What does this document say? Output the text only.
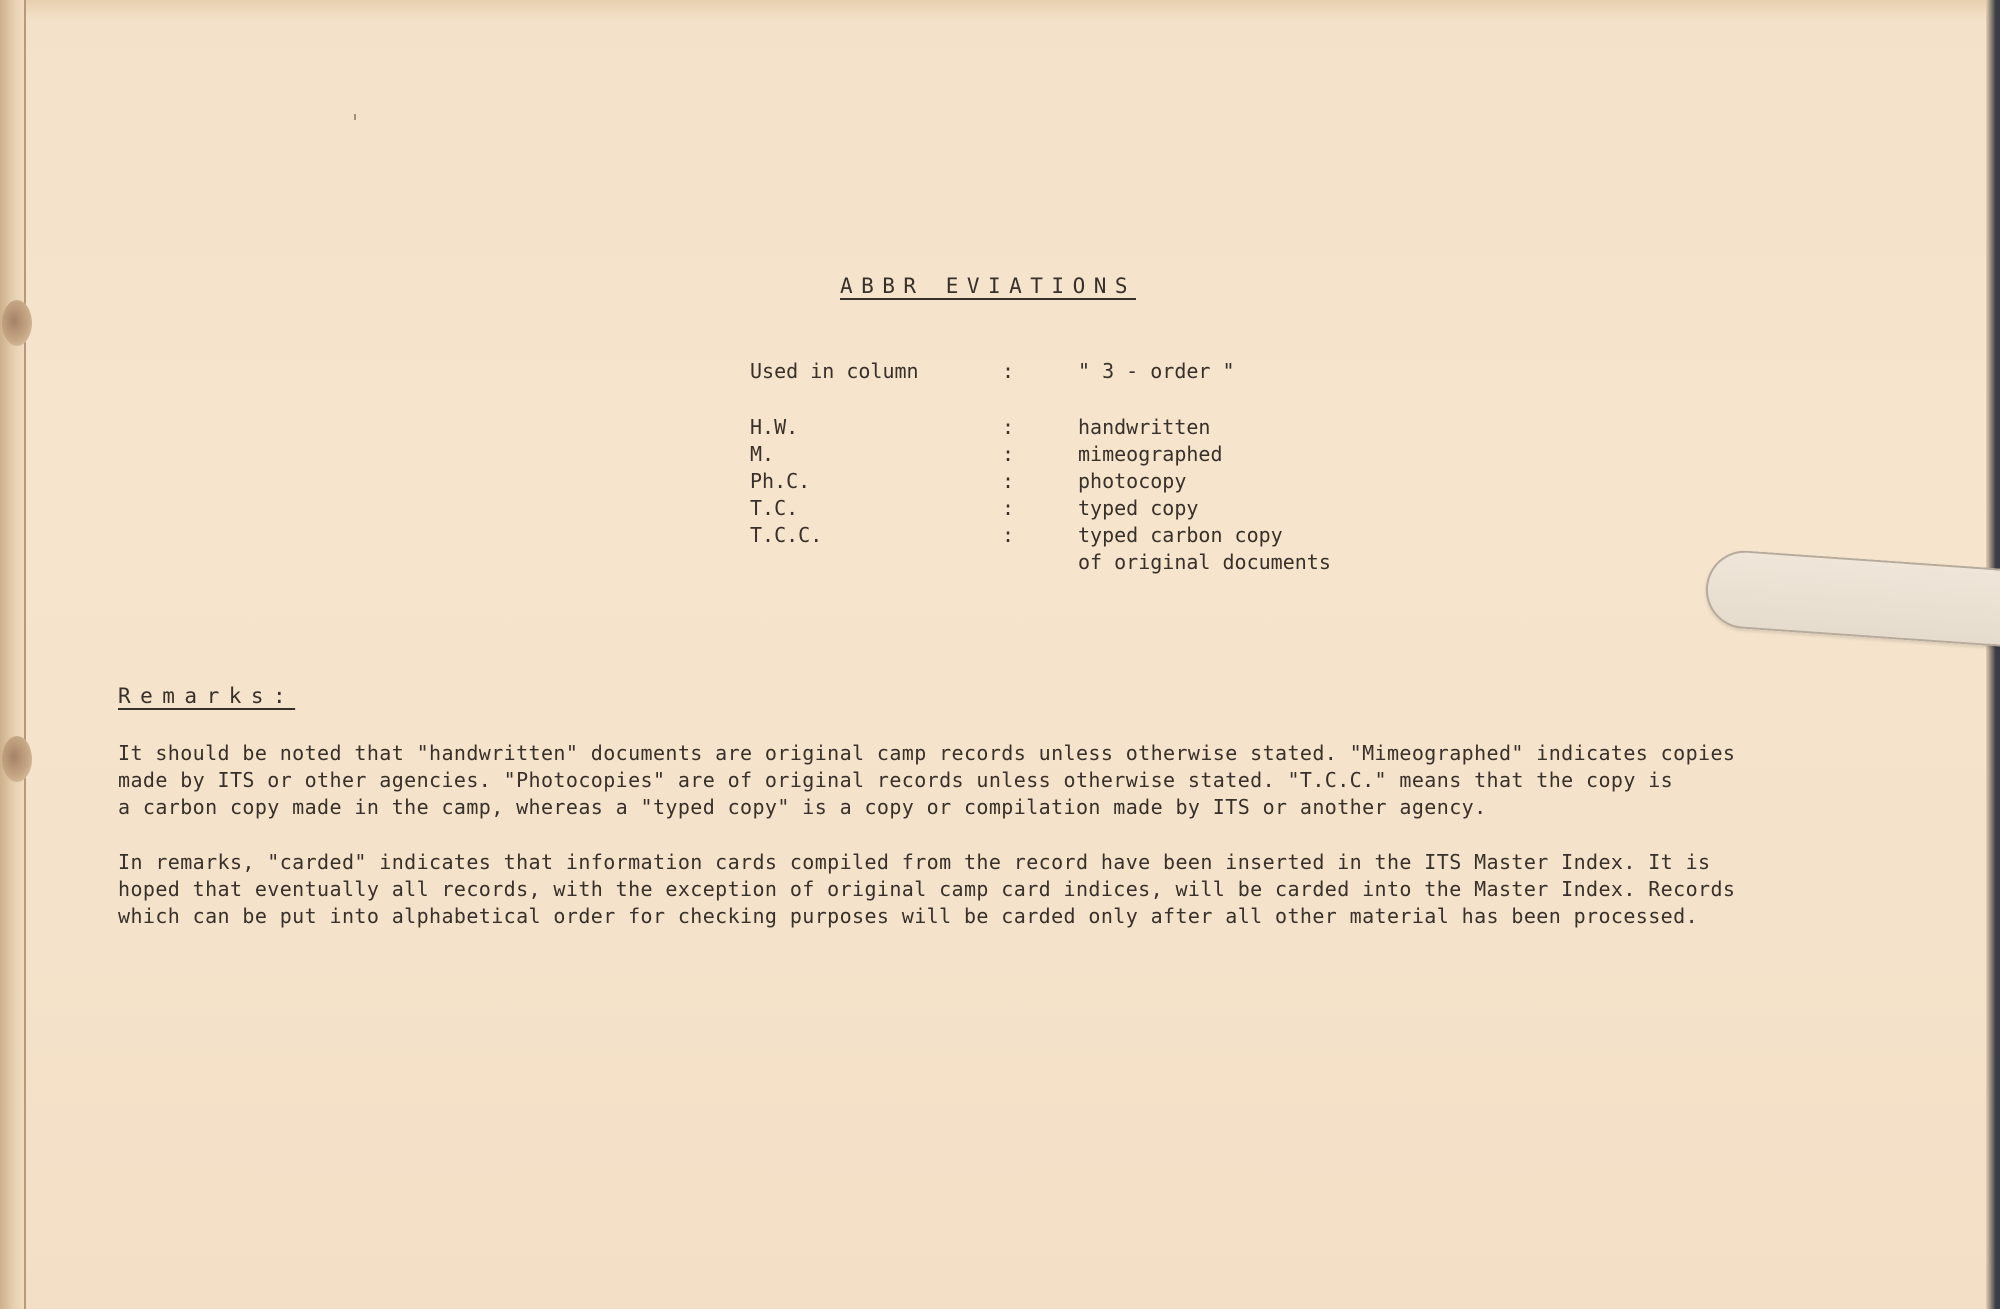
ABBR EVIATIONS
Used in column	:	" 3 - order "
H.W.	:	handwritten
M.	:	mimeographed
Ph.C.	:	photocopy
T.C.	:	typed copy
T.C.C.	:	typed carbon copy
of original documents
Remarks:
It should be noted that "handwritten" documents are original camp records unless otherwise stated. "Mimeographed" indicates copies
made by ITS or other agencies. "Photocopies" are of original records unless otherwise stated. "T.C.C." means that the copy is
a carbon copy made in the camp, whereas a "typed copy" is a copy or compilation made by ITS or another agency.
In remarks, "carded" indicates that information cards compiled from the record have been inserted in the ITS Master Index. It is
hoped that eventually all records, with the exception of original camp card indices, will be carded into the Master Index. Records
which can be put into alphabetical order for checking purposes will be carded only after all other material has been processed.
